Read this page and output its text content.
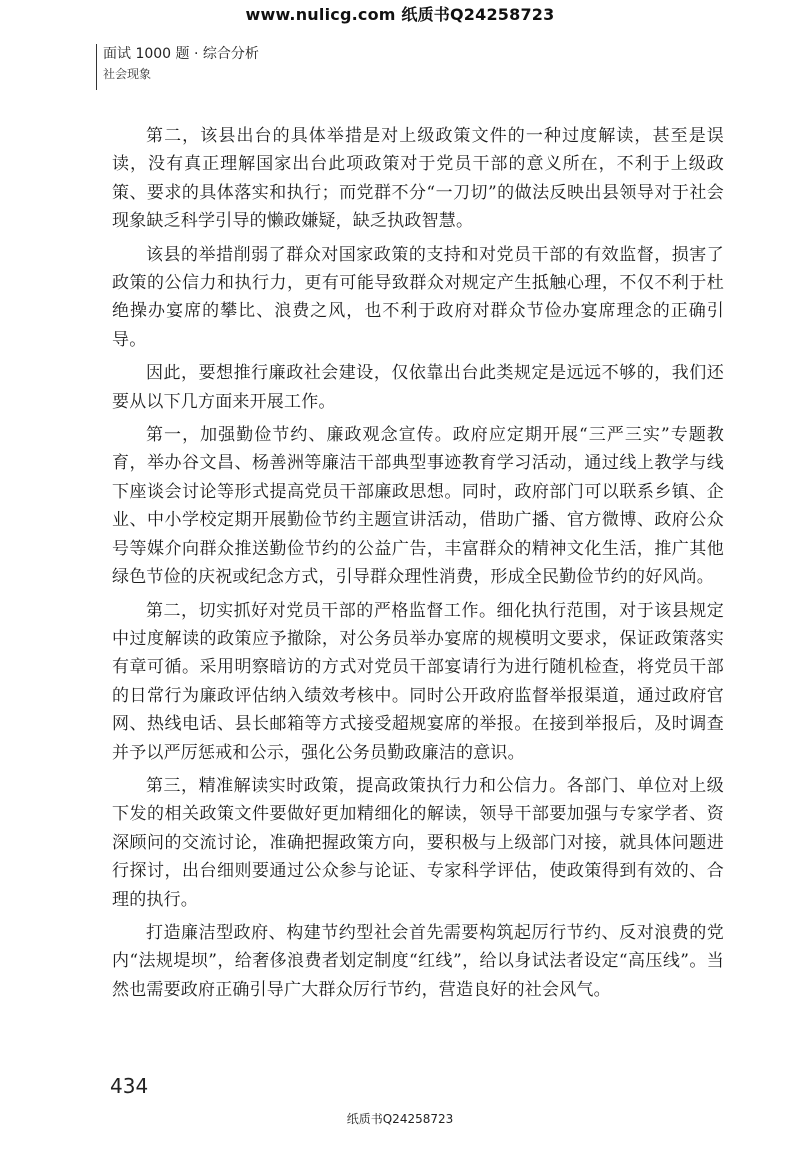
www.nulicg.com 纸质书Q24258723
面试 1000 题 · 综合分析
社会现象

第二，该县出台的具体举措是对上级政策文件的一种过度解读，甚至是误读，没有真正理解国家出台此项政策对于党员干部的意义所在，不利于上级政策、要求的具体落实和执行；而党群不分“一刀切”的做法反映出县领导对于社会现象缺乏科学引导的懒政嫌疑，缺乏执政智慧。

该县的举措削弱了群众对国家政策的支持和对党员干部的有效监督，损害了政策的公信力和执行力，更有可能导致群众对规定产生抵触心理，不仅不利于杜绝操办宴席的攀比、浪费之风，也不利于政府对群众节俭办宴席理念的正确引导。

因此，要想推行廉政社会建设，仅依靠出台此类规定是远远不够的，我们还要从以下几方面来开展工作。

第一，加强勤俭节约、廉政观念宣传。政府应定期开展“三严三实”专题教育，举办谷文昌、杨善洲等廉洁干部典型事迹教育学习活动，通过线上教学与线下座谈会讨论等形式提高党员干部廉政思想。同时，政府部门可以联系乡镇、企业、中小学校定期开展勤俭节约主题宣讲活动，借助广播、官方微博、政府公众号等媒介向群众推送勤俭节约的公益广告，丰富群众的精神文化生活，推广其他绿色节俭的庆祝或纪念方式，引导群众理性消费，形成全民勤俭节约的好风尚。

第二，切实抓好对党员干部的严格监督工作。细化执行范围，对于该县规定中过度解读的政策应予撤除，对公务员举办宴席的规模明文要求，保证政策落实有章可循。采用明察暗访的方式对党员干部宴请行为进行随机检查，将党员干部的日常行为廉政评估纳入绩效考核中。同时公开政府监督举报渠道，通过政府官网、热线电话、县长邮箱等方式接受超规宴席的举报。在接到举报后，及时调查并予以严厉惩戒和公示，强化公务员勤政廉洁的意识。

第三，精准解读实时政策，提高政策执行力和公信力。各部门、单位对上级下发的相关政策文件要做好更加精细化的解读，领导干部要加强与专家学者、资深顾问的交流讨论，准确把握政策方向，要积极与上级部门对接，就具体问题进行探讨，出台细则要通过公众参与论证、专家科学评估，使政策得到有效的、合理的执行。

打造廉洁型政府、构建节约型社会首先需要构筑起厉行节约、反对浪费的党内“法规堤坝”，给奢侈浪费者划定制度“红线”，给以身试法者设定“高压线”。当然也需要政府正确引导广大群众厉行节约，营造良好的社会风气。

434
纸质书Q24258723
